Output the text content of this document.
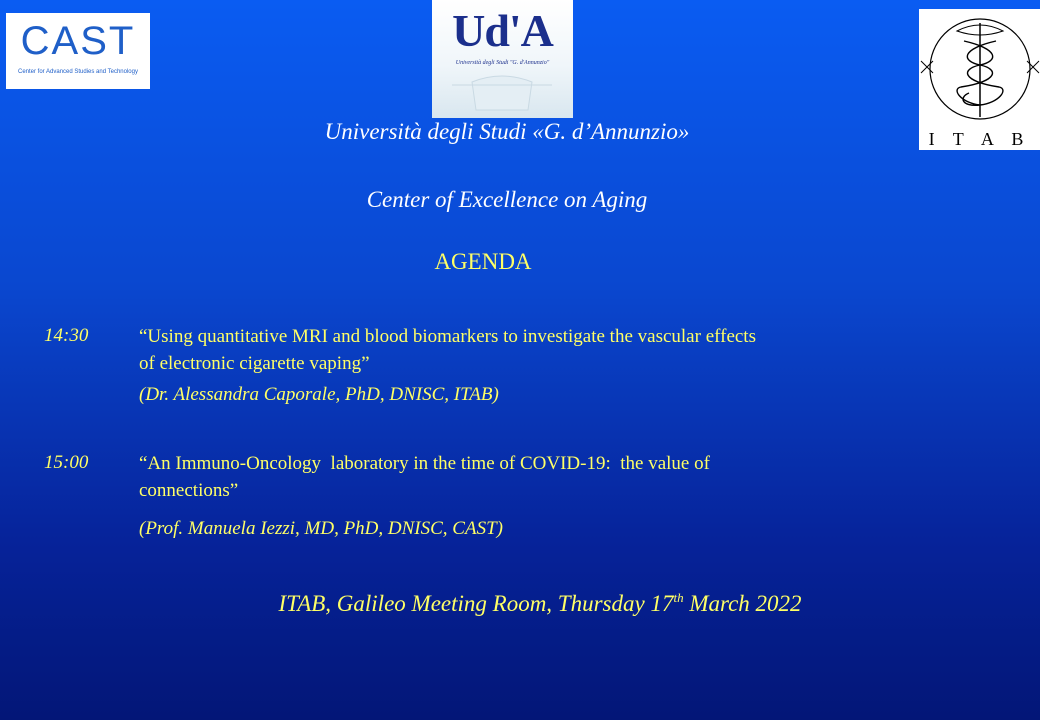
CAST
Center for Advanced Studies and Technology
Ud'A
Università degli Studi "G. d'Annunzio"
I T A B
Università degli Studi «G. d’Annunzio»
Center of Excellence on Aging
AGENDA
14:30	“Using quantitative MRI and blood biomarkers to investigate the vascular effects
of electronic cigarette vaping”
(Dr. Alessandra Caporale, PhD, DNISC, ITAB)
15:00	“An Immuno-Oncology  laboratory in the time of COVID-19:  the value of
connections”
(Prof. Manuela Iezzi, MD, PhD, DNISC, CAST)
ITAB, Galileo Meeting Room, Thursday 17th March 2022
